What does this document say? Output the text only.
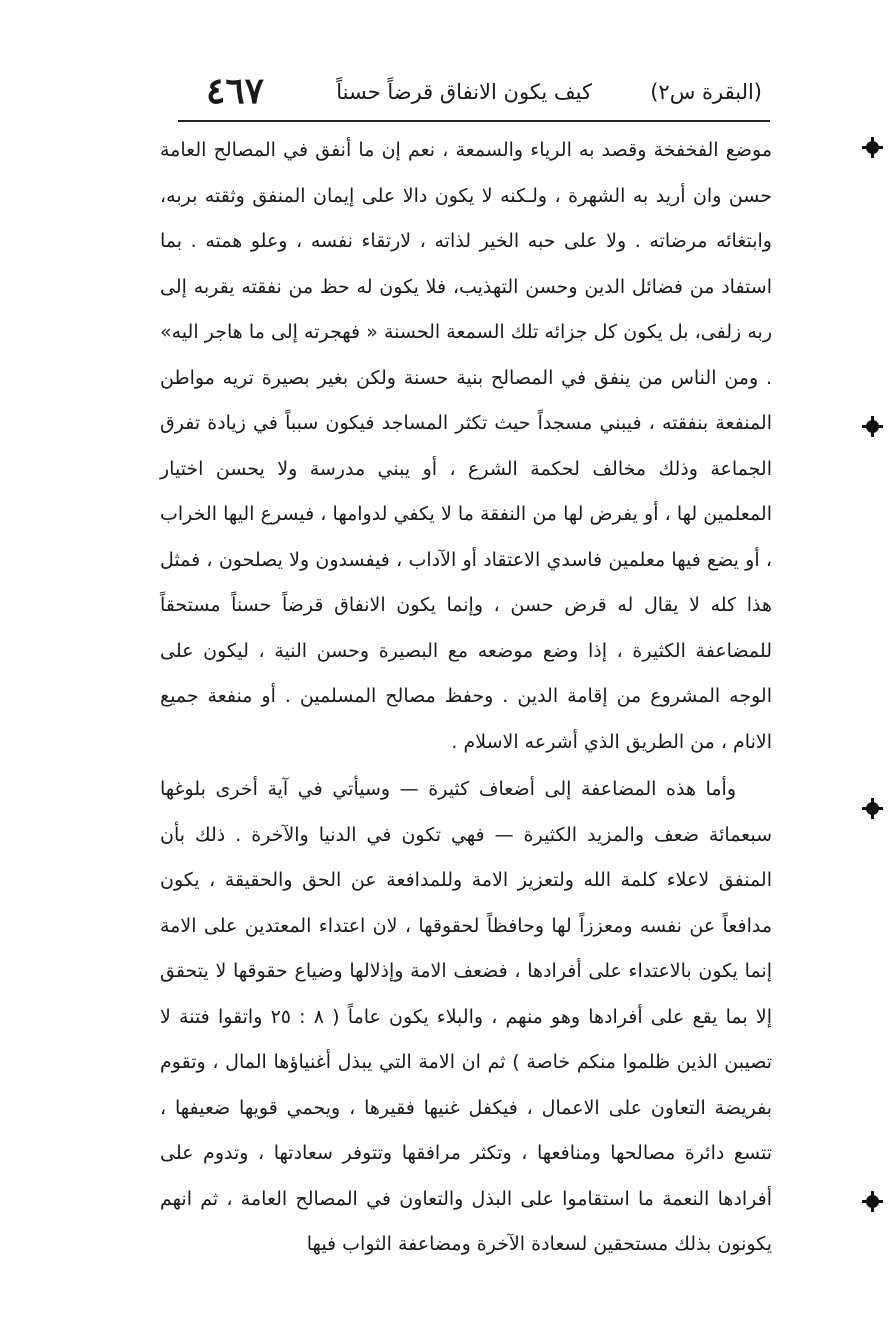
(البقرة س٢)
كيف يكون الانفاق قرضاً حسناً
٤٦٧

موضع الفخفخة وقصد به الرياء والسمعة ، نعم إن ما أنفق في المصالح العامة حسن وان أريد به الشهرة ، ولـكنه لا يكون دالا على إيمان المنفق وثقته بربه، وابتغائه مرضاته . ولا على حبه الخير لذاته ، لارتقاء نفسه ، وعلو همته . بما استفاد من فضائل الدين وحسن التهذيب، فلا يكون له حظ من نفقته يقربه إلى ربه زلفى، بل يكون كل جزائه تلك السمعة الحسنة « فهجرته إلى ما هاجر اليه» . ومن الناس من ينفق في المصالح بنية حسنة ولكن بغير بصيرة تريه مواطن المنفعة بنفقته ، فيبني مسجداً حيث تكثر المساجد فيكون سبباً في زيادة تفرق الجماعة وذلك مخالف لحكمة الشرع ، أو يبني مدرسة ولا يحسن اختيار المعلمين لها ، أو يفرض لها من النفقة ما لا يكفي لدوامها ، فيسرع اليها الخراب ، أو يضع فيها معلمين فاسدي الاعتقاد أو الآداب ، فيفسدون ولا يصلحون ، فمثل هذا كله لا يقال له قرض حسن ، وإنما يكون الانفاق قرضاً حسناً مستحقاً للمضاعفة الكثيرة ، إذا وضع موضعه مع البصيرة وحسن النية ، ليكون على الوجه المشروع من إقامة الدين . وحفظ مصالح المسلمين . أو منفعة جميع الانام ، من الطريق الذي أشرعه الاسلام .

وأما هذه المضاعفة إلى أضعاف كثيرة — وسيأتي في آية أخرى بلوغها سبعمائة ضعف والمزيد الكثيرة — فهي تكون في الدنيا والآخرة . ذلك بأن المنفق لاعلاء كلمة الله ولتعزيز الامة وللمدافعة عن الحق والحقيقة ، يكون مدافعاً عن نفسه ومعززاً لها وحافظاً لحقوقها ، لان اعتداء المعتدين على الامة إنما يكون بالاعتداء على أفرادها ، فضعف الامة وإذلالها وضياع حقوقها لا يتحقق إلا بما يقع على أفرادها وهو منهم ، والبلاء يكون عاماً ( ٨ : ٢٥ واتقوا فتنة لا تصيبن الذين ظلموا منكم خاصة ) ثم ان الامة التي يبذل أغنياؤها المال ، وتقوم بفريضة التعاون على الاعمال ، فيكفل غنيها فقيرها ، ويحمي قويها ضعيفها ، تتسع دائرة مصالحها ومنافعها ، وتكثر مرافقها وتتوفر سعادتها ، وتدوم على أفرادها النعمة ما استقاموا على البذل والتعاون في المصالح العامة ، ثم انهم يكونون بذلك مستحقين لسعادة الآخرة ومضاعفة الثواب فيها
